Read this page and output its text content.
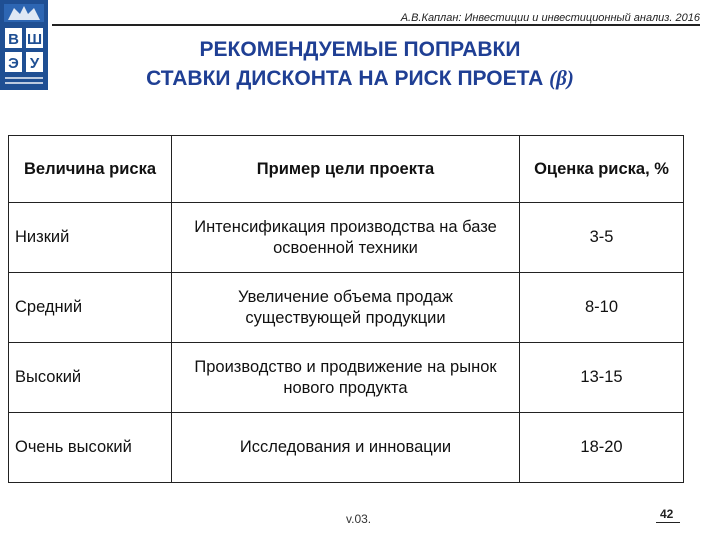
В Ш
Э У
А.В.Каплан: Инвестиции и инвестиционный анализ. 2016
РЕКОМЕНДУЕМЫЕ ПОПРАВКИ
СТАВКИ ДИСКОНТА НА РИСК ПРОЕТА (β)
Величина риска	Пример цели проекта	Оценка риска, %
Низкий	Интенсификация производства на базе освоенной техники	3-5
Средний	Увеличение объема продаж существующей продукции	8-10
Высокий	Производство и продвижение на рынок нового продукта	13-15
Очень высокий	Исследования и инновации	18-20
v.03.	42
